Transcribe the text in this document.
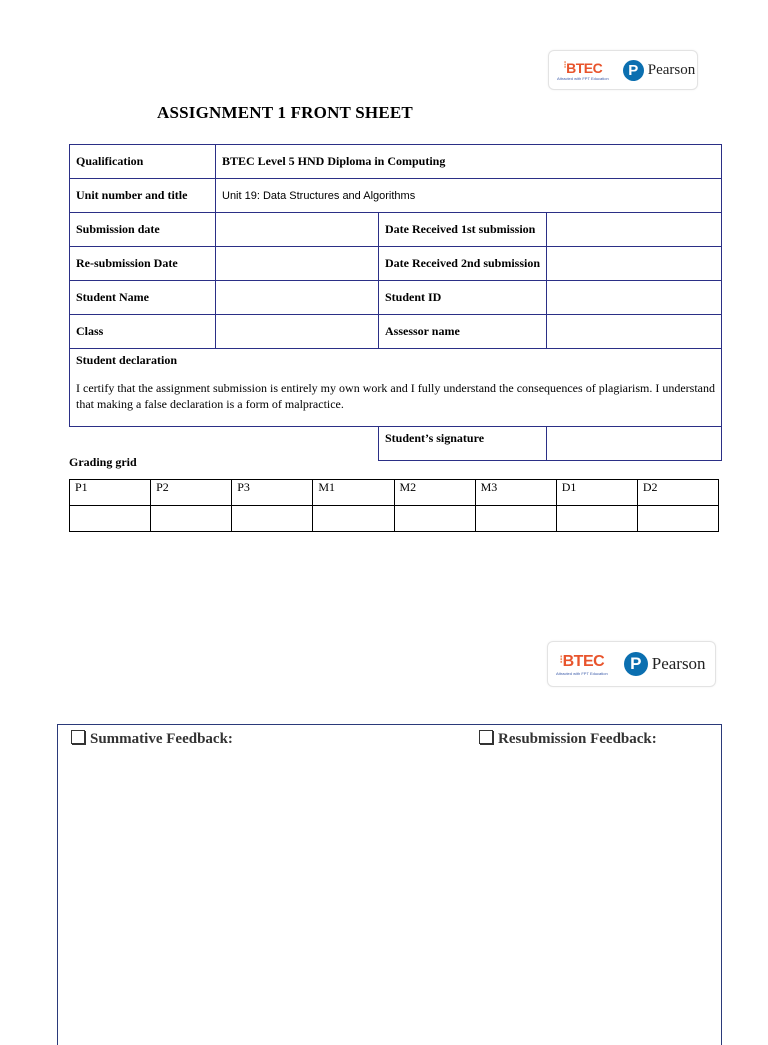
⁝BTEC
Attracted with FPT Education	P Pearson
ASSIGNMENT 1 FRONT SHEET
Qualification	BTEC Level 5 HND Diploma in Computing		
Unit number and title	Unit 19: Data Structures and Algorithms		
Submission date		Date Received 1st submission	
Re-submission Date		Date Received 2nd submission	
Student Name		Student ID	
Class		Assessor name	

Student declaration
I certify that the assignment submission is entirely my own work and I fully understand the consequences of plagiarism. I understand that making a false declaration is a form of malpractice.			

		Student’s signature	
Grading grid
P1	P2	P3	M1	M2	M3	D1	D2

⁝BTEC
Attracted with FPT Education	P Pearson
Summative Feedback:	Resubmission Feedback:
